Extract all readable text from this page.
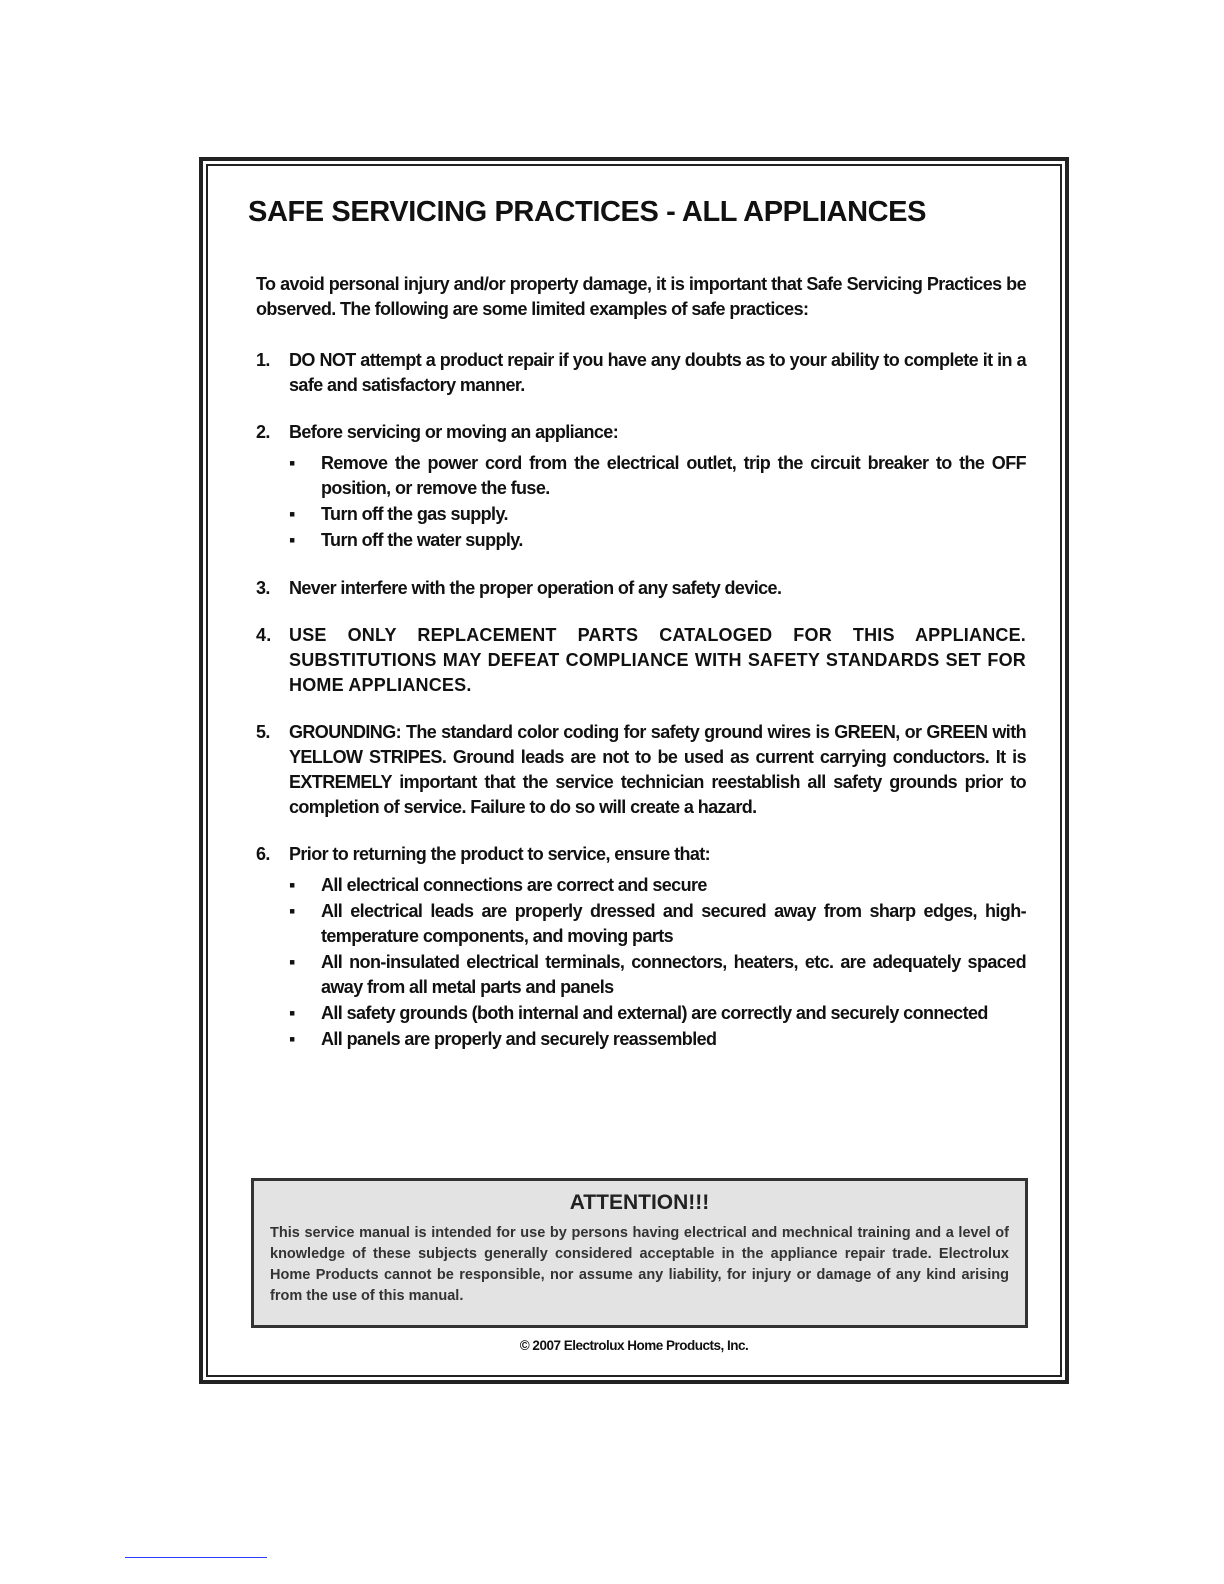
SAFE SERVICING PRACTICES - ALL APPLIANCES

To avoid personal injury and/or property damage, it is important that Safe Servicing Practices be observed. The following are some limited examples of safe practices:

1.	DO NOT attempt a product repair if you have any doubts as to your ability to complete it in a safe and satisfactory manner.
2.	Before servicing or moving an appliance:
▪	Remove the power cord from the electrical outlet, trip the circuit breaker to the OFF position, or remove the fuse.
▪	Turn off the gas supply.
▪	Turn off the water supply.
3.	Never interfere with the proper operation of any safety device.
4. USE ONLY REPLACEMENT PARTS CATALOGED FOR THIS APPLIANCE. SUBSTITUTIONS MAY DEFEAT COMPLIANCE WITH SAFETY STANDARDS SET FOR HOME APPLIANCES.
5.	GROUNDING: The standard color coding for safety ground wires is GREEN, or GREEN with YELLOW STRIPES. Ground leads are not to be used as current carrying conductors. It is EXTREMELY important that the service technician reestablish all safety grounds prior to completion of service. Failure to do so will create a hazard.
6.	Prior to returning the product to service, ensure that:
▪	All electrical connections are correct and secure
▪	All electrical leads are properly dressed and secured away from sharp edges, high-temperature components, and moving parts
▪	All non-insulated electrical terminals, connectors, heaters, etc. are adequately spaced away from all metal parts and panels
▪	All safety grounds (both internal and external) are correctly and securely connected
▪	All panels are properly and securely reassembled
ATTENTION!!!

This service manual is intended for use by persons having electrical and mechnical training and a level of knowledge of these subjects generally considered acceptable in the appliance repair trade. Electrolux Home Products cannot be responsible, nor assume any liability, for injury or damage of any kind arising from the use of this manual.

© 2007 Electrolux Home Products, Inc.
